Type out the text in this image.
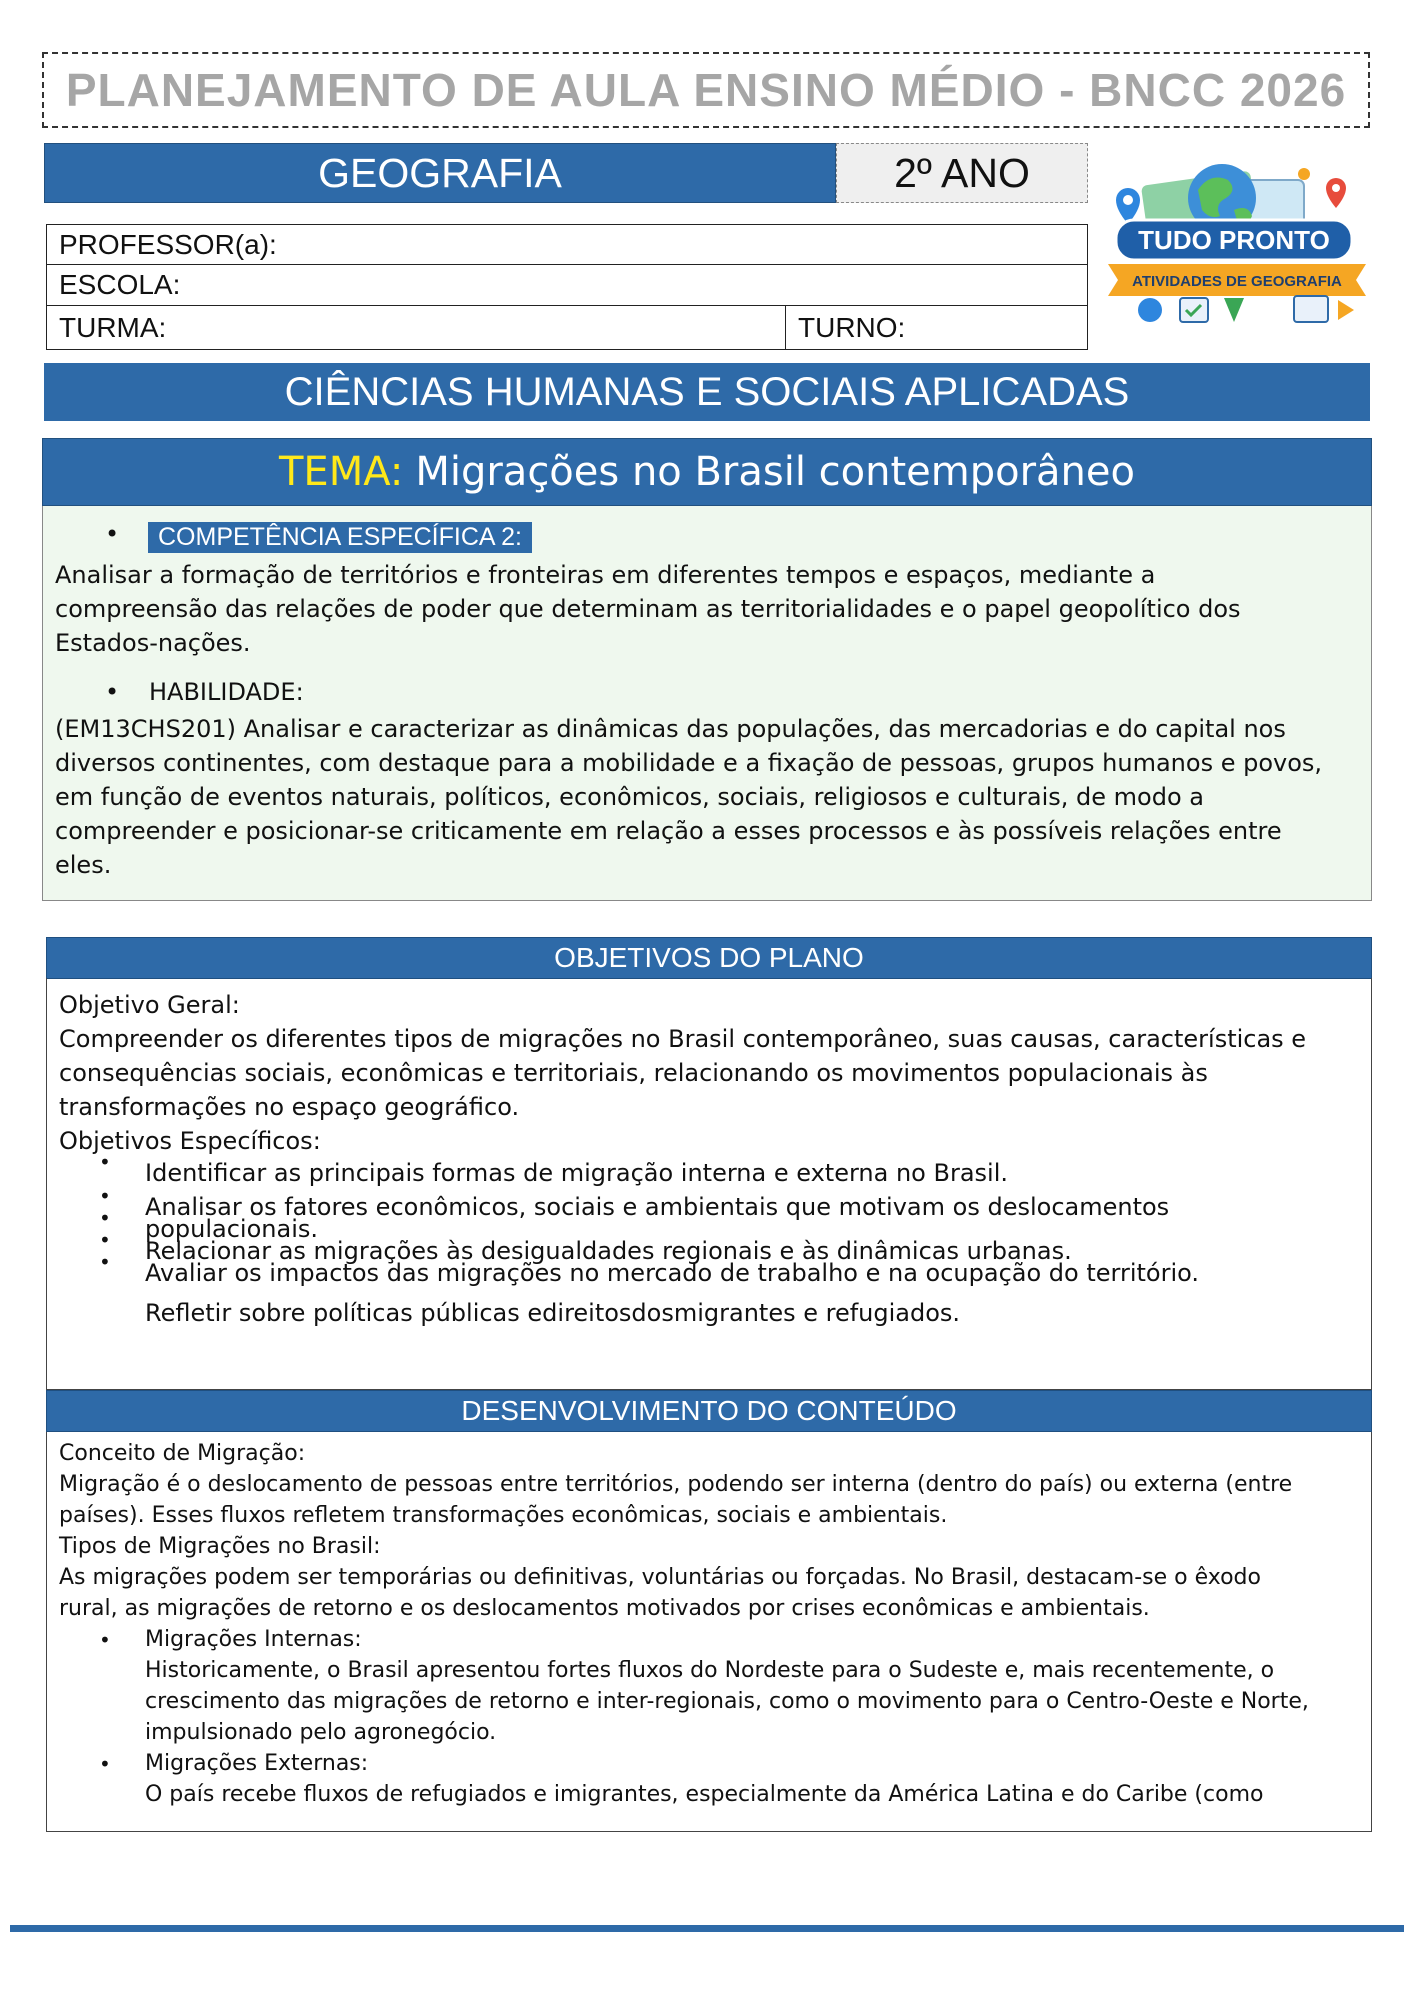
PLANEJAMENTO DE AULA ENSINO MÉDIO - BNCC 2026
GEOGRAFIA	2º ANO
PROFESSOR(a):
ESCOLA:
TURMA:	TURNO:
TUDO PRONTO
ATIVIDADES DE GEOGRAFIA
CIÊNCIAS HUMANAS E SOCIAIS APLICADAS
TEMA: Migrações no Brasil contemporâneo
•	COMPETÊNCIA ESPECÍFICA 2:
Analisar a formação de territórios e fronteiras em diferentes tempos e espaços, mediante a
compreensão das relações de poder que determinam as territorialidades e o papel geopolítico dos
Estados-nações.
• HABILIDADE:
(EM13CHS201) Analisar e caracterizar as dinâmicas das populações, das mercadorias e do capital nos
diversos continentes, com destaque para a mobilidade e a fixação de pessoas, grupos humanos e povos,
em função de eventos naturais, políticos, econômicos, sociais, religiosos e culturais, de modo a
compreender e posicionar-se criticamente em relação a esses processos e às possíveis relações entre
eles.
OBJETIVOS DO PLANO
Objetivo Geral:
Compreender os diferentes tipos de migrações no Brasil contemporâneo, suas causas, características e
consequências sociais, econômicas e territoriais, relacionando os movimentos populacionais às
transformações no espaço geográfico.
Objetivos Específicos:
•
•
•
•
•
Identificar as principais formas de migração interna e externa no Brasil.
Analisar os fatores econômicos, sociais e ambientais que motivam os deslocamentos
populacionais.
Relacionar as migrações às desigualdades regionais e às dinâmicas urbanas.
Avaliar os impactos das migrações no mercado de trabalho e na ocupação do território.
Refletir sobre políticas públicas edireitosdosmigrantes e refugiados.
DESENVOLVIMENTO DO CONTEÚDO
Conceito de Migração:
Migração é o deslocamento de pessoas entre territórios, podendo ser interna (dentro do país) ou externa (entre
países). Esses fluxos refletem transformações econômicas, sociais e ambientais.
Tipos de Migrações no Brasil:
As migrações podem ser temporárias ou definitivas, voluntárias ou forçadas. No Brasil, destacam-se o êxodo
rural, as migrações de retorno e os deslocamentos motivados por crises econômicas e ambientais.
• Migrações Internas:
Historicamente, o Brasil apresentou fortes fluxos do Nordeste para o Sudeste e, mais recentemente, o
crescimento das migrações de retorno e inter-regionais, como o movimento para o Centro-Oeste e Norte,
impulsionado pelo agronegócio.
• Migrações Externas:
O país recebe fluxos de refugiados e imigrantes, especialmente da América Latina e do Caribe (como
